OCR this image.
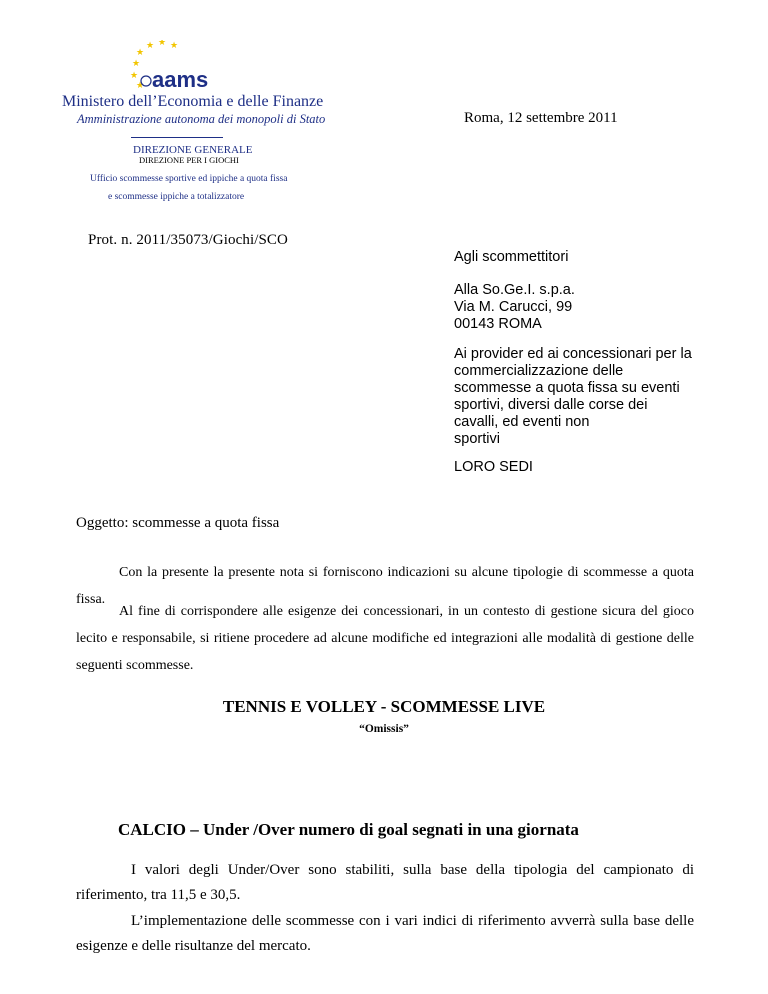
★
★
★ ★ ★
★
★ aams
Ministero dell’Economia e delle Finanze
Amministrazione autonoma dei monopoli di Stato
DIREZIONE GENERALE
DIREZIONE PER I GIOCHI
Ufficio scommesse sportive ed ippiche a quota fissa
e scommesse ippiche a totalizzatore
Roma, 12 settembre 2011
Prot. n. 2011/35073/Giochi/SCO
Agli scommettitori
Alla So.Ge.I. s.p.a.
Via M. Carucci, 99
00143 ROMA
Ai provider ed ai concessionari per la
commercializzazione delle
scommesse a quota fissa su eventi
sportivi, diversi dalle corse dei
cavalli, ed eventi non
sportivi
LORO SEDI
Oggetto: scommesse a quota fissa
Con la presente la presente nota si forniscono indicazioni su alcune tipologie di scommesse a quota fissa.
Al fine di corrispondere alle esigenze dei concessionari, in un contesto di gestione sicura del gioco lecito e responsabile, si ritiene procedere ad alcune modifiche ed integrazioni alle modalità di gestione delle seguenti scommesse.
TENNIS E VOLLEY - SCOMMESSE LIVE
“Omissis”
CALCIO – Under /Over numero di goal segnati in una giornata
I valori degli Under/Over sono stabiliti, sulla base della tipologia del campionato di riferimento, tra 11,5 e 30,5.
L’implementazione delle scommesse con i vari indici di riferimento avverrà sulla base delle esigenze e delle risultanze del mercato.
